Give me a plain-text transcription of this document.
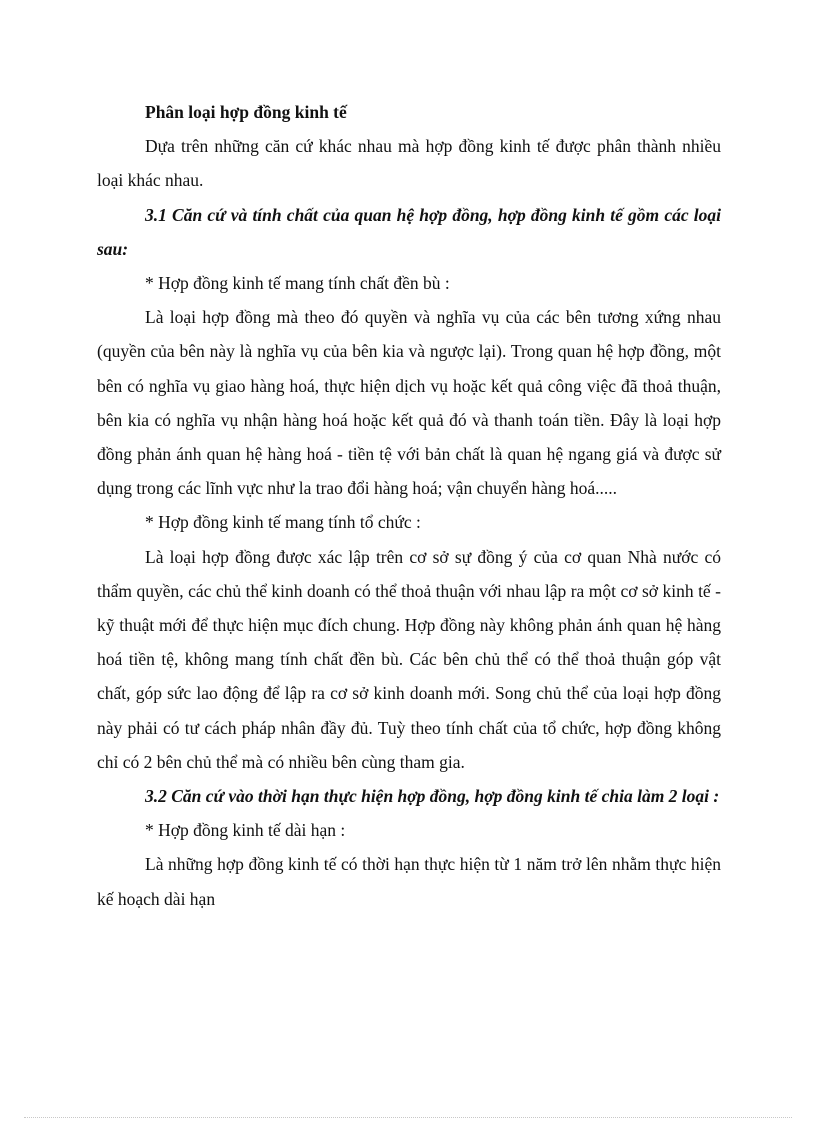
Phân loại hợp đồng kinh tế

Dựa trên những căn cứ khác nhau mà hợp đồng kinh tế được phân thành nhiều loại khác nhau.

3.1 Căn cứ và tính chất của quan hệ hợp đồng, hợp đồng kinh tế gồm các loại sau:

* Hợp đồng kinh tế mang tính chất đền bù :

Là loại hợp đồng mà theo đó quyền và nghĩa vụ của các bên tương xứng nhau (quyền của bên này là nghĩa vụ của bên kia và ngược lại). Trong quan hệ hợp đồng, một bên có nghĩa vụ giao hàng hoá, thực hiện dịch vụ hoặc kết quả công việc đã thoả thuận, bên kia có nghĩa vụ nhận hàng hoá hoặc kết quả đó và thanh toán tiền. Đây là loại hợp đồng phản ánh quan hệ hàng hoá - tiền tệ với bản chất là quan hệ ngang giá và được sử dụng trong các lĩnh vực như la trao đổi hàng hoá; vận chuyển hàng hoá.....

* Hợp đồng kinh tế mang tính tổ chức :

Là loại hợp đồng được xác lập trên cơ sở sự đồng ý của cơ quan Nhà nước có thẩm quyền, các chủ thể kinh doanh có thể thoả thuận với nhau lập ra một cơ sở kinh tế - kỹ thuật mới để thực hiện mục đích chung. Hợp đồng này không phản ánh quan hệ hàng hoá tiền tệ, không mang tính chất đền bù. Các bên chủ thể có thể thoả thuận góp vật chất, góp sức lao động để lập ra cơ sở kinh doanh mới. Song chủ thể của loại hợp đồng này phải có tư cách pháp nhân đầy đủ. Tuỳ theo tính chất của tổ chức, hợp đồng không chỉ có 2 bên chủ thể mà có nhiều bên cùng tham gia.

3.2 Căn cứ vào thời hạn thực hiện hợp đồng, hợp đồng kinh tế chia làm 2 loại :

* Hợp đồng kinh tế dài hạn :

Là những hợp đồng kinh tế có thời hạn thực hiện từ 1 năm trở lên nhằm thực hiện kế hoạch dài hạn
